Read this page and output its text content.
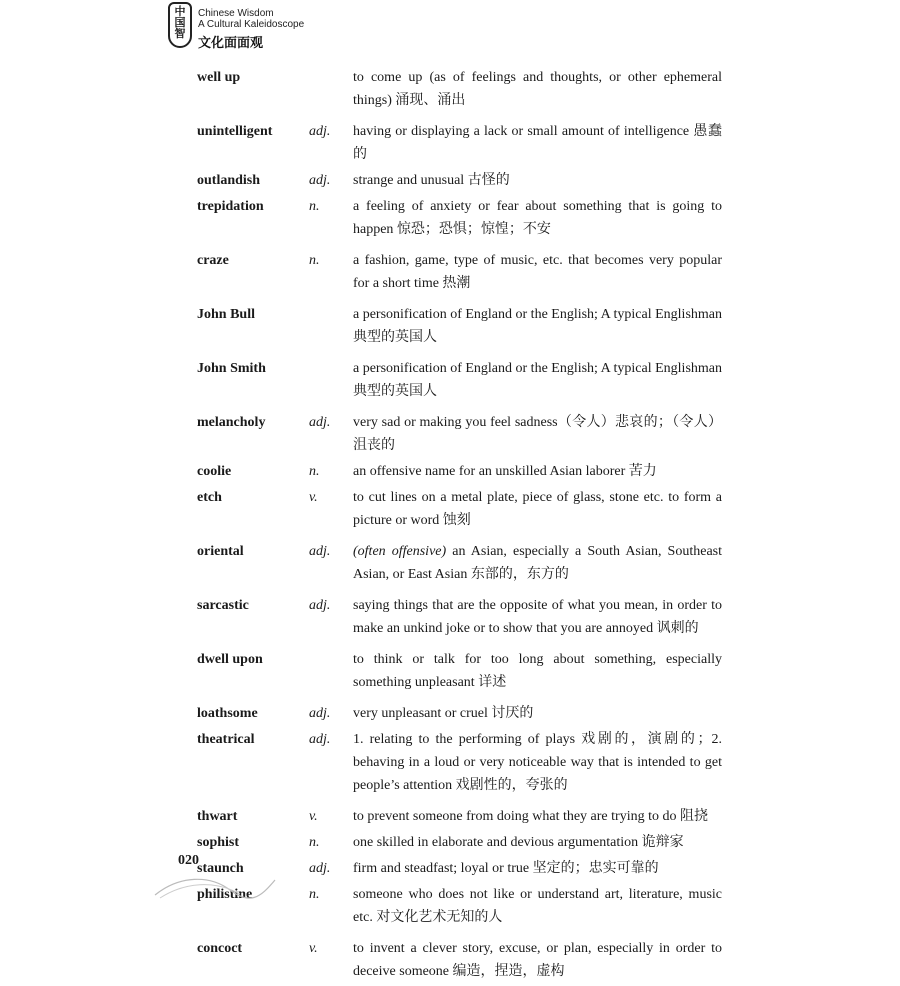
中
国
智
Chinese Wisdom
A Cultural Kaleidoscope
文化面面观
well up	to come up (as of feelings and thoughts, or other ephemeral things) 涌现、涌出
unintelligent	adj.	having or displaying a lack or small amount of intelligence 愚蠢的
outlandish	adj.	strange and unusual 古怪的
trepidation	n.	a feeling of anxiety or fear about something that is going to happen 惊恐；恐惧；惊惶；不安
craze	n.	a fashion, game, type of music, etc. that becomes very popular for a short time 热潮
John Bull	a personification of England or the English; A typical Englishman 典型的英国人
John Smith	a personification of England or the English; A typical Englishman 典型的英国人
melancholy	adj.	very sad or making you feel sadness（令人）悲哀的；（令人）沮丧的
coolie	n.	an offensive name for an unskilled Asian laborer 苦力
etch	v.	to cut lines on a metal plate, piece of glass, stone etc. to form a picture or word 蚀刻
oriental	adj.	(often offensive) an Asian, especially a South Asian, Southeast Asian, or East Asian 东部的，东方的
sarcastic	adj.	saying things that are the opposite of what you mean, in order to make an unkind joke or to show that you are annoyed 讽刺的
dwell upon	to think or talk for too long about something, especially something unpleasant 详述
loathsome	adj.	very unpleasant or cruel 讨厌的
theatrical	adj.	1. relating to the performing of plays 戏剧的，演剧的；2. behaving in a loud or very noticeable way that is intended to get people’s attention 戏剧性的，夸张的
thwart	v.	to prevent someone from doing what they are trying to do 阻挠
sophist	n.	one skilled in elaborate and devious argumentation 诡辩家
staunch	adj.	firm and steadfast; loyal or true 坚定的；忠实可靠的
philistine	n.	someone who does not like or understand art, literature, music etc. 对文化艺术无知的人
concoct	v.	to invent a clever story, excuse, or plan, especially in order to deceive someone 编造，捏造，虚构
020
